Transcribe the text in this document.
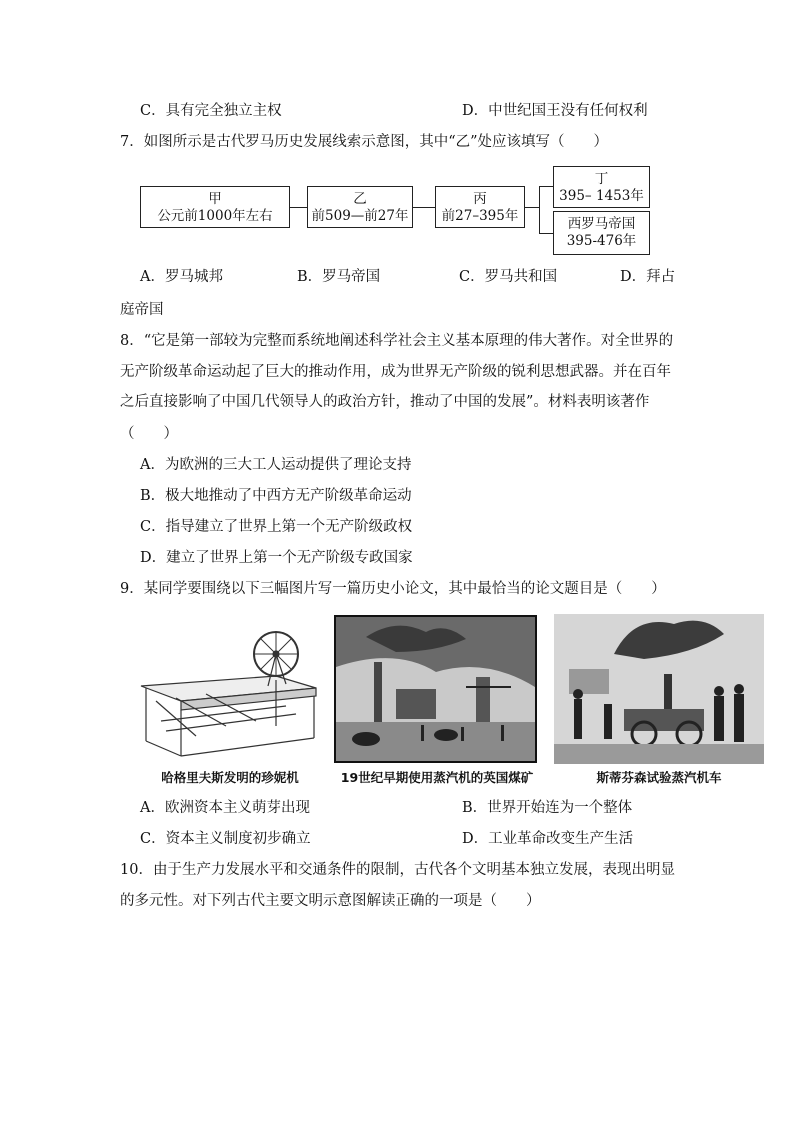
C．具有完全独立主权	D．中世纪国王没有任何权利
7．如图所示是古代罗马历史发展线索示意图，其中“乙”处应该填写（　　）
甲
公元前1000年左右
乙
前509—前27年
丙
前27–395年
丁
395– 1453年
西罗马帝国
395-476年
A．罗马城邦	B．罗马帝国	C．罗马共和国	D．拜占
庭帝国
8．“它是第一部较为完整而系统地阐述科学社会主义基本原理的伟大著作。对全世界的
无产阶级革命运动起了巨大的推动作用，成为世界无产阶级的锐利思想武器。并在百年
之后直接影响了中国几代领导人的政治方针，推动了中国的发展”。材料表明该著作
（　　）
A．为欧洲的三大工人运动提供了理论支持
B．极大地推动了中西方无产阶级革命运动
C．指导建立了世界上第一个无产阶级政权
D．建立了世界上第一个无产阶级专政国家
9．某同学要围绕以下三幅图片写一篇历史小论文，其中最恰当的论文题目是（　　）
哈格里夫斯发明的珍妮机	19世纪早期使用蒸汽机的英国煤矿	斯蒂芬森试验蒸汽机车
A．欧洲资本主义萌芽出现	B．世界开始连为一个整体
C．资本主义制度初步确立	D．工业革命改变生产生活
10．由于生产力发展水平和交通条件的限制，古代各个文明基本独立发展，表现出明显
的多元性。对下列古代主要文明示意图解读正确的一项是（　　）
